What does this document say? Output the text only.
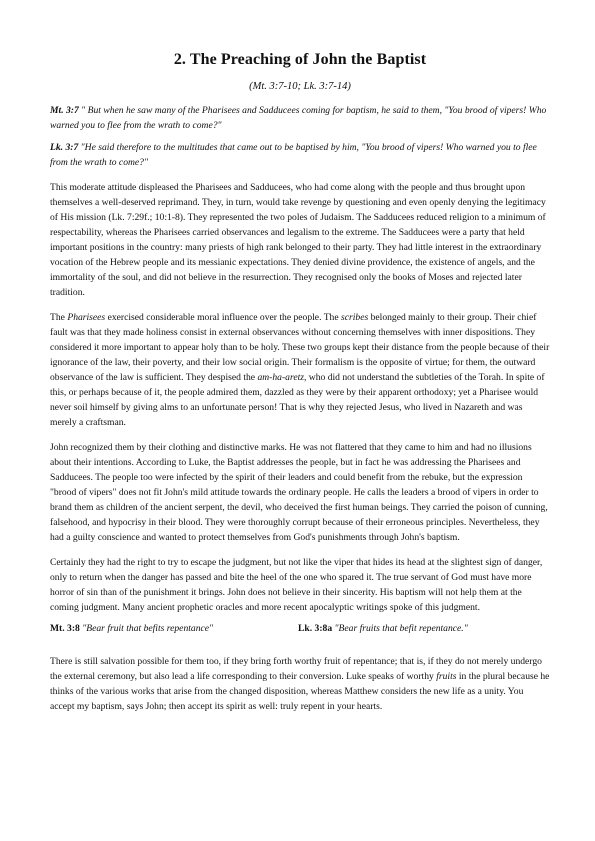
2. The Preaching of John the Baptist
(Mt. 3:7-10; Lk. 3:7-14)
Mt. 3:7 " But when he saw many of the Pharisees and Sadducees coming for baptism, he said to them, "You brood of vipers! Who warned you to flee from the wrath to come?"
Lk. 3:7 "He said therefore to the multitudes that came out to be baptised by him, "You brood of vipers! Who warned you to flee from the wrath to come?"

This moderate attitude displeased the Pharisees and Sadducees, who had come along with the people and thus brought upon themselves a well-deserved reprimand. They, in turn, would take revenge by questioning and even openly denying the legitimacy of His mission (Lk. 7:29f.; 10:1-8). They represented the two poles of Judaism. The Sadducees reduced religion to a minimum of respectability, whereas the Pharisees carried observances and legalism to the extreme. The Sadducees were a party that held important positions in the country: many priests of high rank belonged to their party. They had little interest in the extraordinary vocation of the Hebrew people and its messianic expectations. They denied divine providence, the existence of angels, and the immortality of the soul, and did not believe in the resurrection. They recognised only the books of Moses and rejected later tradition.

The Pharisees exercised considerable moral influence over the people. The scribes belonged mainly to their group. Their chief fault was that they made holiness consist in external observances without concerning themselves with inner dispositions. They considered it more important to appear holy than to be holy. These two groups kept their distance from the people because of their ignorance of the law, their poverty, and their low social origin. Their formalism is the opposite of virtue; for them, the outward observance of the law is sufficient. They despised the am-ha-aretz, who did not understand the subtleties of the Torah. In spite of this, or perhaps because of it, the people admired them, dazzled as they were by their apparent orthodoxy; yet a Pharisee would never soil himself by giving alms to an unfortunate person! That is why they rejected Jesus, who lived in Nazareth and was merely a craftsman.

John recognized them by their clothing and distinctive marks. He was not flattered that they came to him and had no illusions about their intentions. According to Luke, the Baptist addresses the people, but in fact he was addressing the Pharisees and Sadducees. The people too were infected by the spirit of their leaders and could benefit from the rebuke, but the expression "brood of vipers" does not fit John's mild attitude towards the ordinary people. He calls the leaders a brood of vipers in order to brand them as children of the ancient serpent, the devil, who deceived the first human beings. They carried the poison of cunning, falsehood, and hypocrisy in their blood. They were thoroughly corrupt because of their erroneous principles. Nevertheless, they had a guilty conscience and wanted to protect themselves from God's punishments through John's baptism.

Certainly they had the right to try to escape the judgment, but not like the viper that hides its head at the slightest sign of danger, only to return when the danger has passed and bite the heel of the one who spared it. The true servant of God must have more horror of sin than of the punishment it brings. John does not believe in their sincerity. His baptism will not help them at the coming judgment. Many ancient prophetic oracles and more recent apocalyptic writings spoke of this judgment.

Mt. 3:8 "Bear fruit that befits repentance"	Lk. 3:8a "Bear fruits that befit repentance."

There is still salvation possible for them too, if they bring forth worthy fruit of repentance; that is, if they do not merely undergo the external ceremony, but also lead a life corresponding to their conversion. Luke speaks of worthy fruits in the plural because he thinks of the various works that arise from the changed disposition, whereas Matthew considers the new life as a unity. You accept my baptism, says John; then accept its spirit as well: truly repent in your hearts.
